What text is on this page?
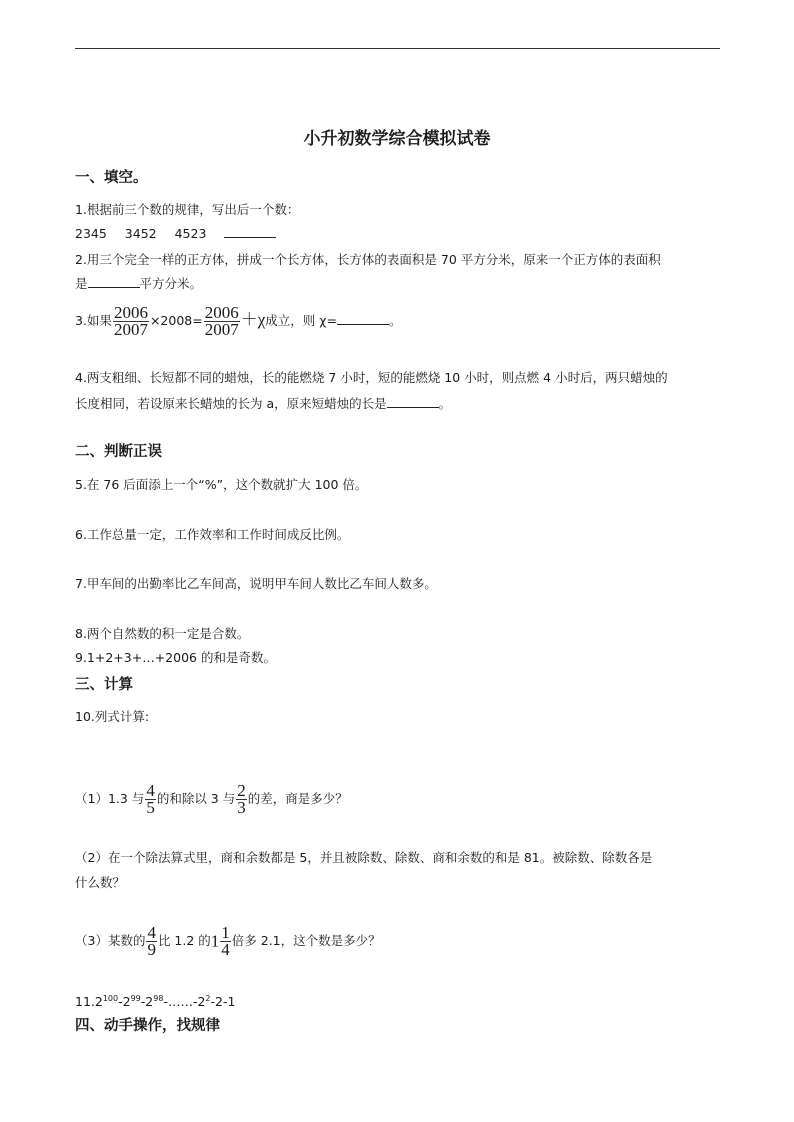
小升初数学综合模拟试卷
一、填空。
1.根据前三个数的规律，写出后一个数：
2345 3452 4523
2.用三个完全一样的正方体，拼成一个长方体，长方体的表面积是 70 平方分米，原来一个正方体的表面积
是	平方分米。
3.如果 $\frac{2006}{2007} \times 2008= \frac{2006}{2007} +\chi$成立，则 χ=	。
4.两支粗细、长短都不同的蜡烛，长的能燃烧 7 小时，短的能燃烧 10 小时，则点燃 4 小时后，两只蜡烛的
长度相同，若设原来长蜡烛的长为 a，原来短蜡烛的长是	。
二、判断正误
5.在 76 后面添上一个“%”，这个数就扩大 100 倍。
6.工作总量一定，工作效率和工作时间成反比例。
7.甲车间的出勤率比乙车间高，说明甲车间人数比乙车间人数多。
8.两个自然数的积一定是合数。
9.1+2+3+…+2006 的和是奇数。
三、计算
10.列式计算:
（1）1.3 与 $\frac{4}{5}$ 的和除以 3 与 $\frac{2}{3}$ 的差，商是多少？
（2）在一个除法算式里，商和余数都是 5，并且被除数、除数、商和余数的和是 81。被除数、除数各是
什么数？
（3）某数的 $\frac{4}{9}$ 比 1.2 的$1 \frac{1}{4}$ 倍多 2.1，这个数是多少？
$11.2^{100}-2^{99}-2^{98}-\dots\dots-2^2-2-1$
四、动手操作，找规律
